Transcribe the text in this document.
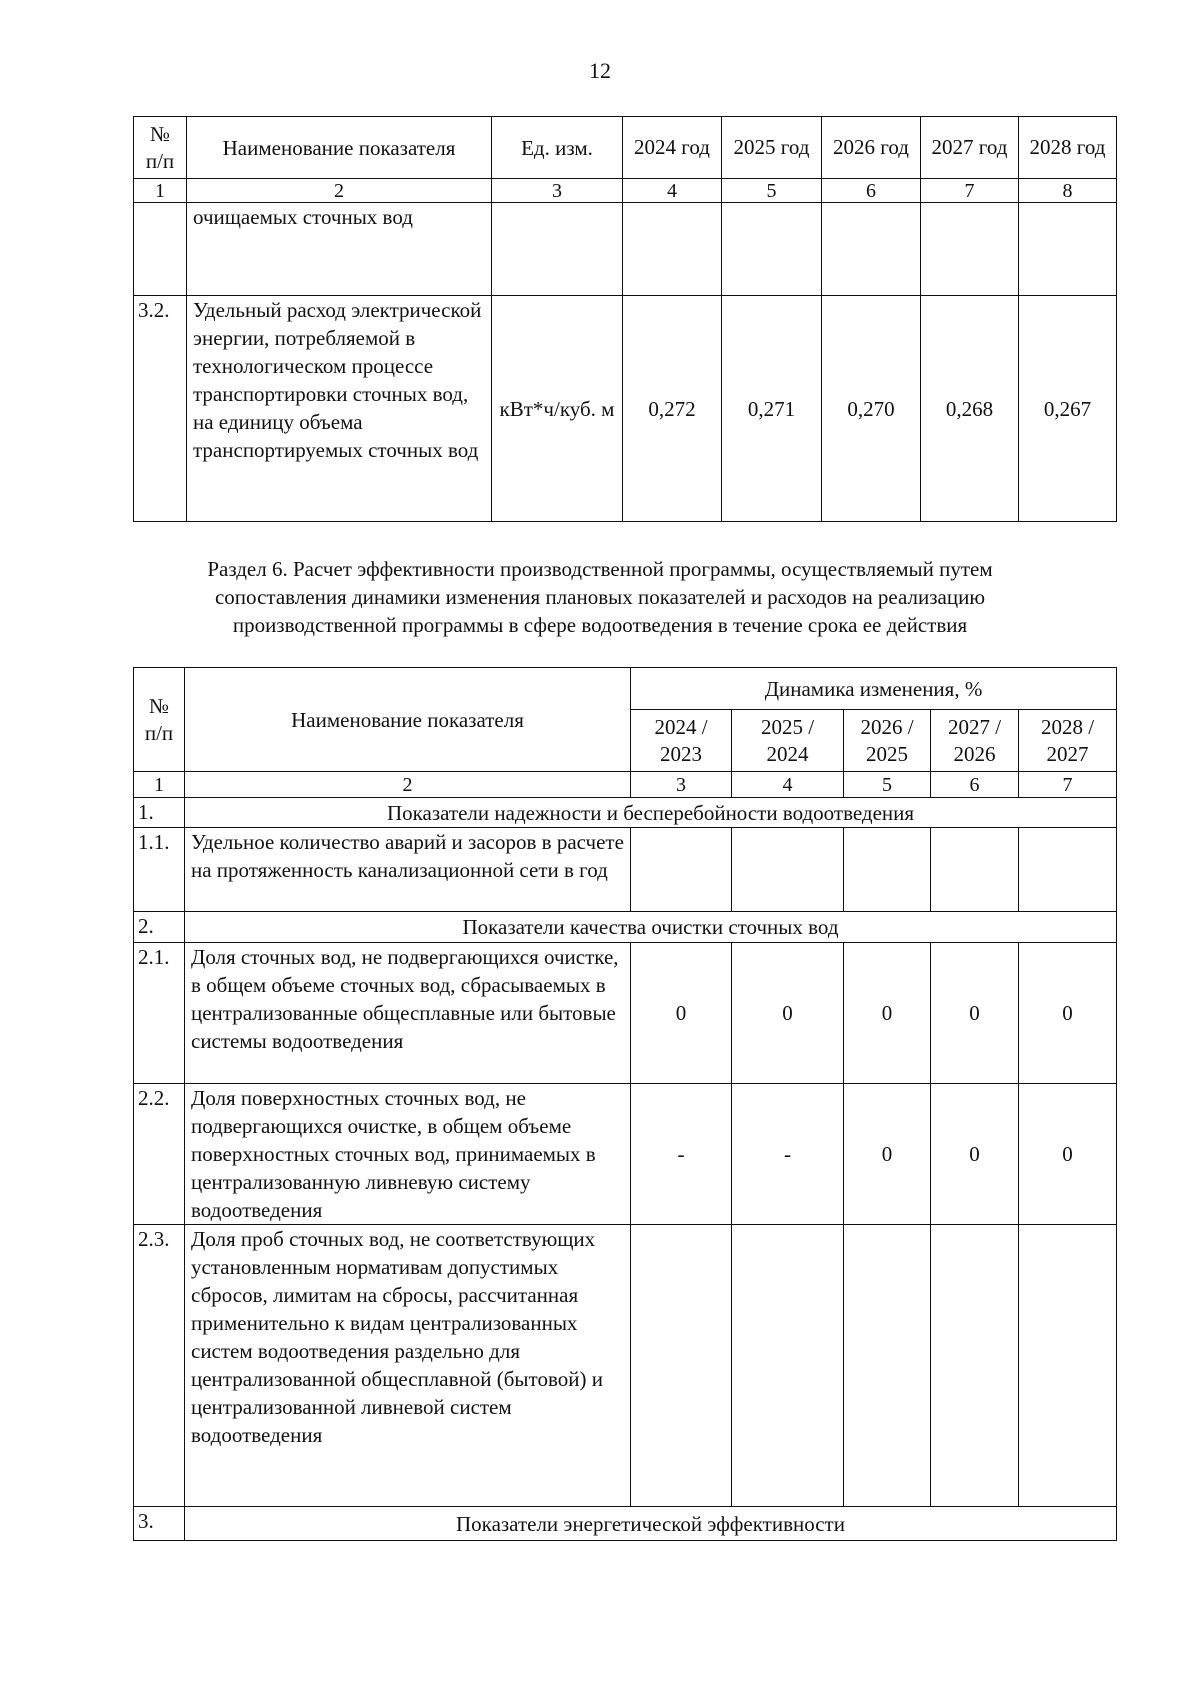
12
№ п/п	Наименование показателя	Ед. изм.	2024 год	2025 год	2026 год	2027 год	2028 год
1	2	3	4	5	6	7	8
	очищаемых сточных вод						
3.2.	Удельный расход электрической энергии, потребляемой в технологическом процессе транспортировки сточных вод, на единицу объема транспортируемых сточных вод	кВт*ч/куб. м	0,272	0,271	0,270	0,268	0,267
Раздел 6. Расчет эффективности производственной программы, осуществляемый путем сопоставления динамики изменения плановых показателей и расходов на реализацию производственной программы в сфере водоотведения в течение срока ее действия
№ п/п	Наименование показателя	Динамика изменения, %				
		2024 / 2023	2025 / 2024	2026 / 2025	2027 / 2026	2028 / 2027
1	2	3	4	5	6	7
1.	Показатели надежности и бесперебойности водоотведения					
1.1.	Удельное количество аварий и засоров в расчете на протяженность канализационной сети в год					
2.	Показатели качества очистки сточных вод					
2.1.	Доля сточных вод, не подвергающихся очистке, в общем объеме сточных вод, сбрасываемых в централизованные общесплавные или бытовые системы водоотведения	0	0	0	0	0
2.2.	Доля поверхностных сточных вод, не подвергающихся очистке, в общем объеме поверхностных сточных вод, принимаемых в централизованную ливневую систему водоотведения	-	-	0	0	0
2.3.	Доля проб сточных вод, не соответствующих установленным нормативам допустимых сбросов, лимитам на сбросы, рассчитанная применительно к видам централизованных систем водоотведения раздельно для централизованной общесплавной (бытовой) и централизованной ливневой систем водоотведения					
3.	Показатели энергетической эффективности					
